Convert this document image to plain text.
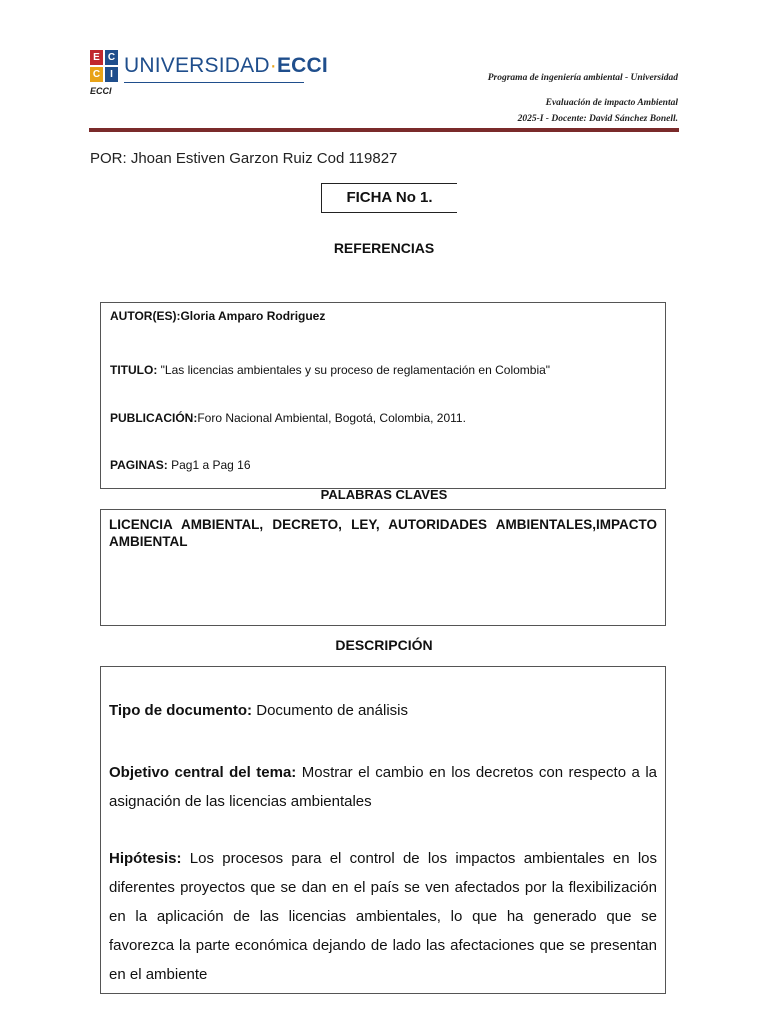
E C
C	I UNIVERSIDAD·ECCI
ECCI
Programa de ingeniería ambiental - Universidad
Evaluación de impacto Ambiental
2025-I - Docente: David Sánchez Bonell.
POR: Jhoan Estiven Garzon Ruiz Cod 119827
FICHA No 1.
REFERENCIAS
AUTOR(ES):Gloria Amparo Rodriguez
TITULO: "Las licencias ambientales y su proceso de reglamentación en Colombia"
PUBLICACIÓN:Foro Nacional Ambiental, Bogotá, Colombia, 2011.
PAGINAS: Pag1 a Pag 16
PALABRAS CLAVES
LICENCIA AMBIENTAL, DECRETO, LEY, AUTORIDADES AMBIENTALES,IMPACTO AMBIENTAL
DESCRIPCIÓN
Tipo de documento: Documento de análisis
Objetivo central del tema: Mostrar el cambio en los decretos con respecto a la asignación de las licencias ambientales
Hipótesis: Los procesos para el control de los impactos ambientales en los diferentes proyectos que se dan en el país se ven afectados por la flexibilización en la aplicación de las licencias ambientales, lo que ha generado que se favorezca la parte económica dejando de lado las afectaciones que se presentan en el ambiente
